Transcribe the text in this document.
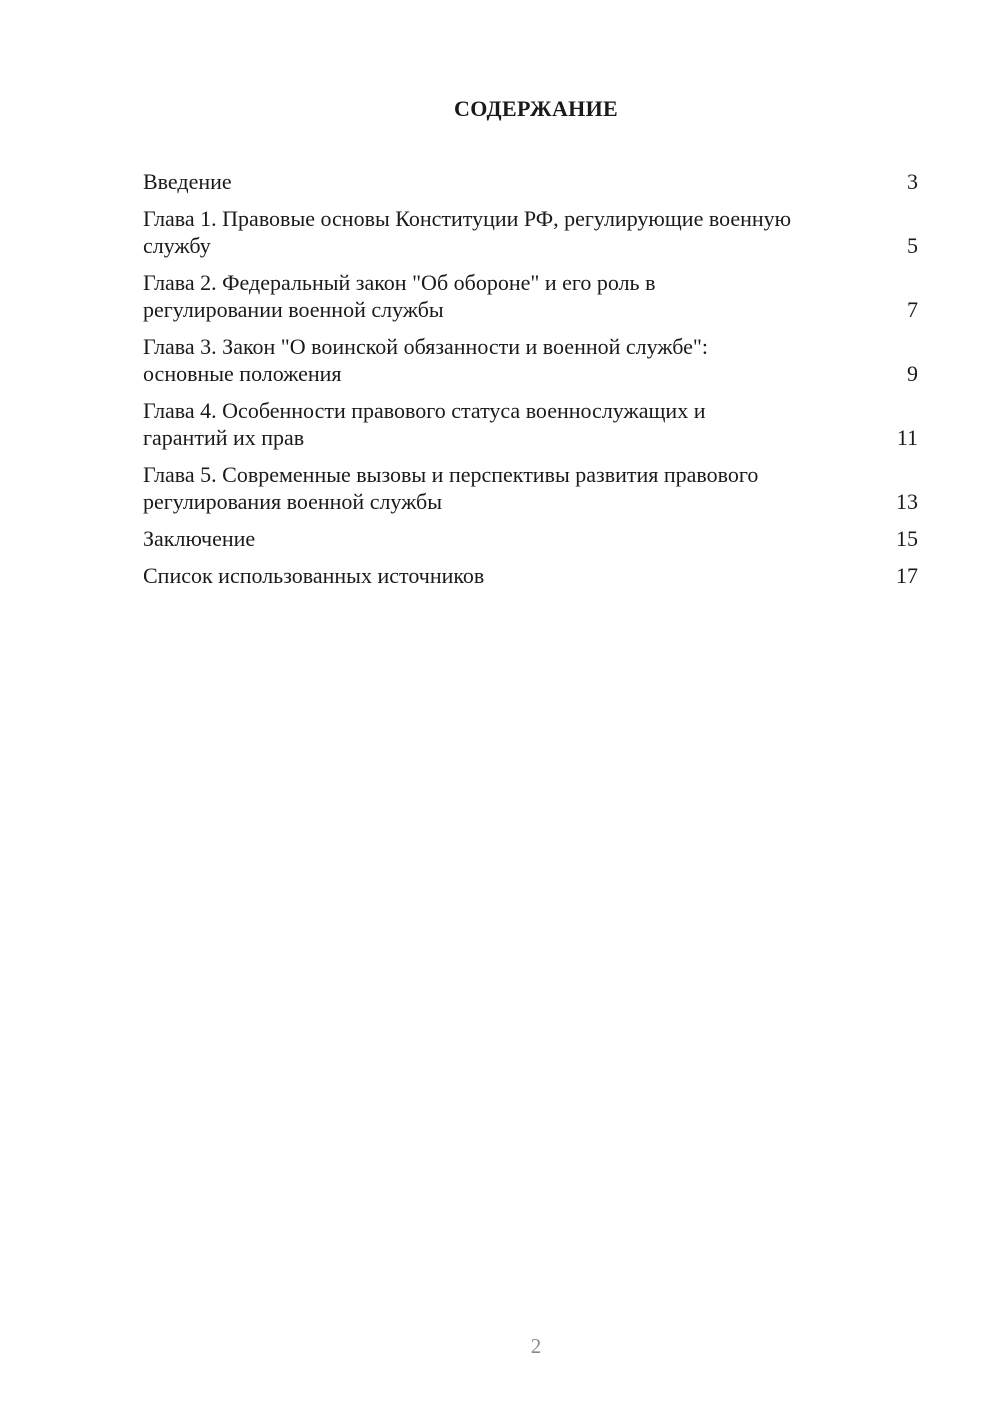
СОДЕРЖАНИЕ
Введение	3
Глава 1. Правовые основы Конституции РФ, регулирующие военную службу	5
Глава 2. Федеральный закон "Об обороне" и его роль в регулировании военной службы	7
Глава 3. Закон "О воинской обязанности и военной службе": основные положения	9
Глава 4. Особенности правового статуса военнослужащих и гарантий их прав	11
Глава 5. Современные вызовы и перспективы развития правового регулирования военной службы	13
Заключение	15
Список использованных источников	17
2
